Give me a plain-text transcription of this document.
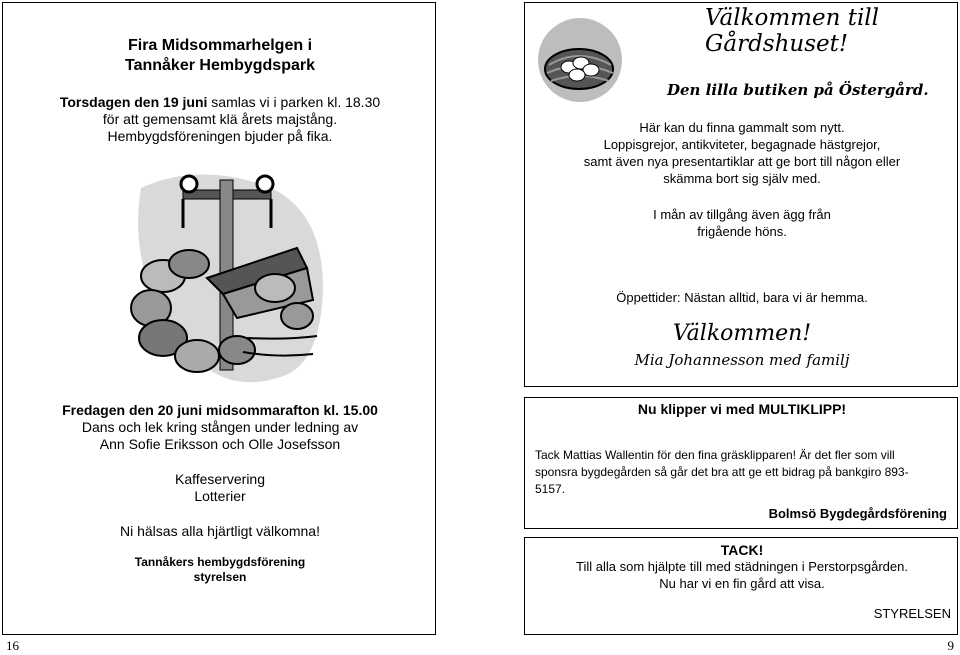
Fira Midsommarhelgen i
Tannåker Hembygdspark
Torsdagen den 19 juni samlas vi i parken kl. 18.30
för att gemensamt klä årets majstång.
Hembygdsföreningen bjuder på fika.
Fredagen den 20 juni midsommarafton kl. 15.00
Dans och lek kring stången under ledning av
Ann Sofie Eriksson och Olle Josefsson
Kaffeservering
Lotterier
Ni hälsas alla hjärtligt välkomna!
Tannåkers hembygdsförening
styrelsen
16
Välkommen till
Gårdshuset!
Den lilla butiken på Östergård.
Här kan du finna gammalt som nytt.
Loppisgrejor, antikviteter, begagnade hästgrejor,
samt även nya presentartiklar att ge bort till någon eller
skämma bort sig själv med.
I mån av tillgång även ägg från
frigående höns.
Öppettider: Nästan alltid, bara vi är hemma.
Välkommen!
Mia Johannesson med familj
Nu klipper vi med MULTIKLIPP!
Tack Mattias Wallentin för den fina gräsklipparen! Är det fler som vill
sponsra bygdegården så går det bra att ge ett bidrag på bankgiro 893-
5157.
Bolmsö Bygdegårdsförening
TACK!
Till alla som hjälpte till med städningen i Perstorpsgården.
Nu har vi en fin gård att visa.
STYRELSEN
9
